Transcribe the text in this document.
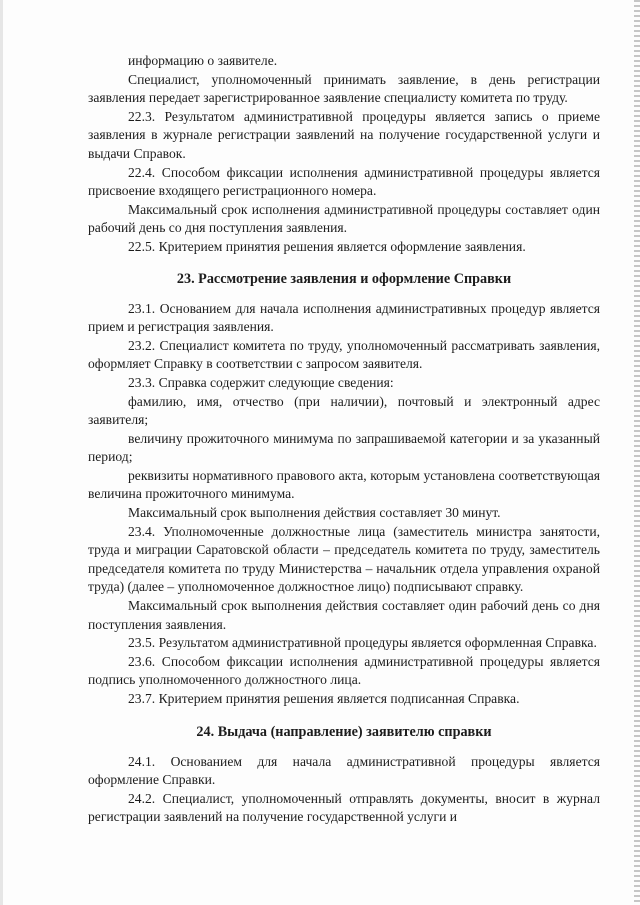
информацию о заявителе.

Специалист, уполномоченный принимать заявление, в день регистрации заявления передает зарегистрированное заявление специалисту комитета по труду.

22.3. Результатом административной процедуры является запись о приеме заявления в журнале регистрации заявлений на получение государственной услуги и выдачи Справок.

22.4. Способом фиксации исполнения административной процедуры является присвоение входящего регистрационного номера.

Максимальный срок исполнения административной процедуры составляет один рабочий день со дня поступления заявления.

22.5. Критерием принятия решения является оформление заявления.

23. Рассмотрение заявления и оформление Справки

23.1. Основанием для начала исполнения административных процедур является прием и регистрация заявления.

23.2. Специалист комитета по труду, уполномоченный рассматривать заявления, оформляет Справку в соответствии с запросом заявителя.

23.3. Справка содержит следующие сведения:

фамилию, имя, отчество (при наличии), почтовый и электронный адрес заявителя;

величину прожиточного минимума по запрашиваемой категории и за указанный период;

реквизиты нормативного правового акта, которым установлена соответствующая величина прожиточного минимума.

Максимальный срок выполнения действия составляет 30 минут.

23.4. Уполномоченные должностные лица (заместитель министра занятости, труда и миграции Саратовской области – председатель комитета по труду, заместитель председателя комитета по труду Министерства – начальник отдела управления охраной труда) (далее – уполномоченное должностное лицо) подписывают справку.

Максимальный срок выполнения действия составляет один рабочий день со дня поступления заявления.

23.5. Результатом административной процедуры является оформленная Справка.

23.6. Способом фиксации исполнения административной процедуры является подпись уполномоченного должностного лица.

23.7. Критерием принятия решения является подписанная Справка.

24. Выдача (направление) заявителю справки

24.1. Основанием для начала административной процедуры является оформление Справки.

24.2. Специалист, уполномоченный отправлять документы, вносит в журнал регистрации заявлений на получение государственной услуги и
